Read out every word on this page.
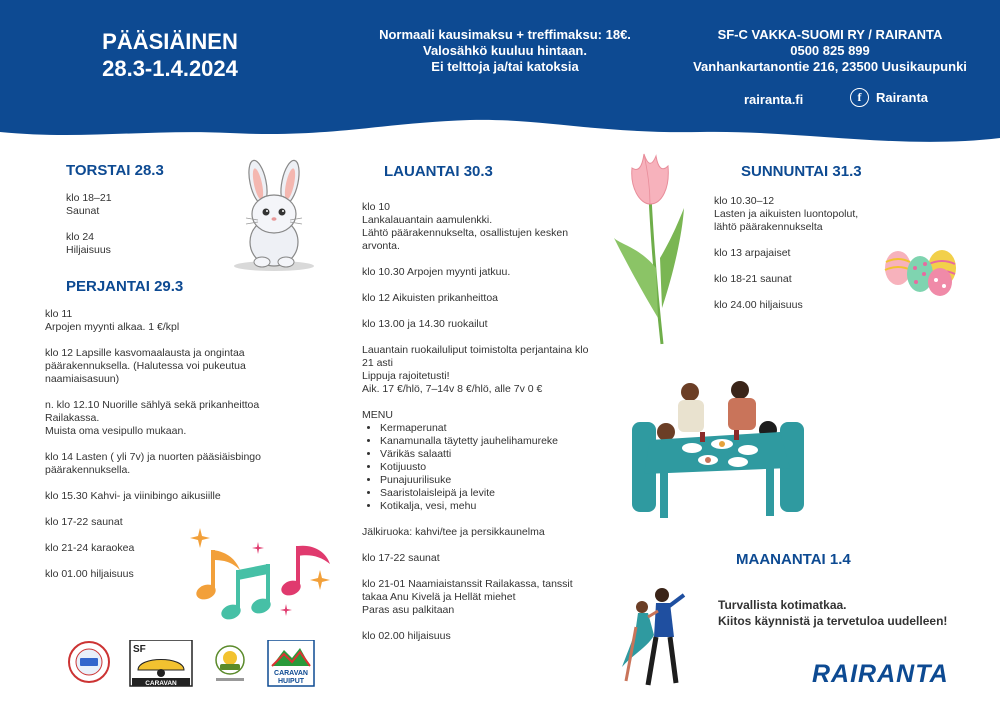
PÄÄSIÄINEN
28.3-1.4.2024
Normaali kausimaksu + treffimaksu: 18€.
Valosähkö kuuluu hintaan.
Ei telttoja ja/tai katoksia
SF-C VAKKA-SUOMI RY / RAIRANTA
0500 825 899
Vanhankartanontie 216, 23500 Uusikaupunki
rairanta.fi	f Rairanta
TORSTAI 28.3

klo 18–21
Saunat

klo 24
Hiljaisuus

PERJANTAI 29.3

klo 11
Arpojen myynti alkaa. 1 €/kpl

klo 12 Lapsille kasvomaalausta ja ongintaa
päärakennuksella. (Halutessa voi pukeutua
naamiaisasuun)

n. klo 12.10 Nuorille sählyä sekä prikanheittoa
Railakassa.
Muista oma vesipullo mukaan.

klo 14 Lasten ( yli 7v) ja nuorten pääsiäisbingo
päärakennuksella.

klo 15.30 Kahvi- ja viinibingo aikusiille

klo 17-22 saunat

klo 21-24 karaokea

klo 01.00 hiljaisuus

SF
CARAVAN
CARAVAN
HUIPUT
LAUANTAI 30.3

klo 10
Lankalauantain aamulenkki.
Lähtö päärakennukselta, osallistujen kesken
arvonta.

klo 10.30 Arpojen myynti jatkuu.

klo 12 Aikuisten prikanheittoa

klo 13.00 ja 14.30 ruokailut

Lauantain ruokailuliput toimistolta perjantaina klo
21 asti
Lippuja rajoitetusti!
Aik. 17 €/hlö, 7–14v 8 €/hlö, alle 7v 0 €

MENU
• Kermaperunat
• Kanamunalla täytetty jauhelihamureke
• Värikäs salaatti
• Kotijuusto
• Punajuurilisuke
• Saaristolaisleipä ja levite
• Kotikalja, vesi, mehu

Jälkiruoka: kahvi/tee ja persikkaunelma

klo 17-22 saunat

klo 21-01 Naamiaistanssit Railakassa, tanssit
takaa Anu Kivelä ja Hellät miehet
Paras asu palkitaan

klo 02.00 hiljaisuus

SUNNUNTAI 31.3

klo 10.30–12
Lasten ja aikuisten luontopolut,
lähtö päärakennukselta

klo 13 arpajaiset

klo 18-21 saunat

klo 24.00 hiljaisuus

MAANANTAI 1.4
Turvallista kotimatkaa.
Kiitos käynnistä ja tervetuloa uudelleen!
RAIRANTA
